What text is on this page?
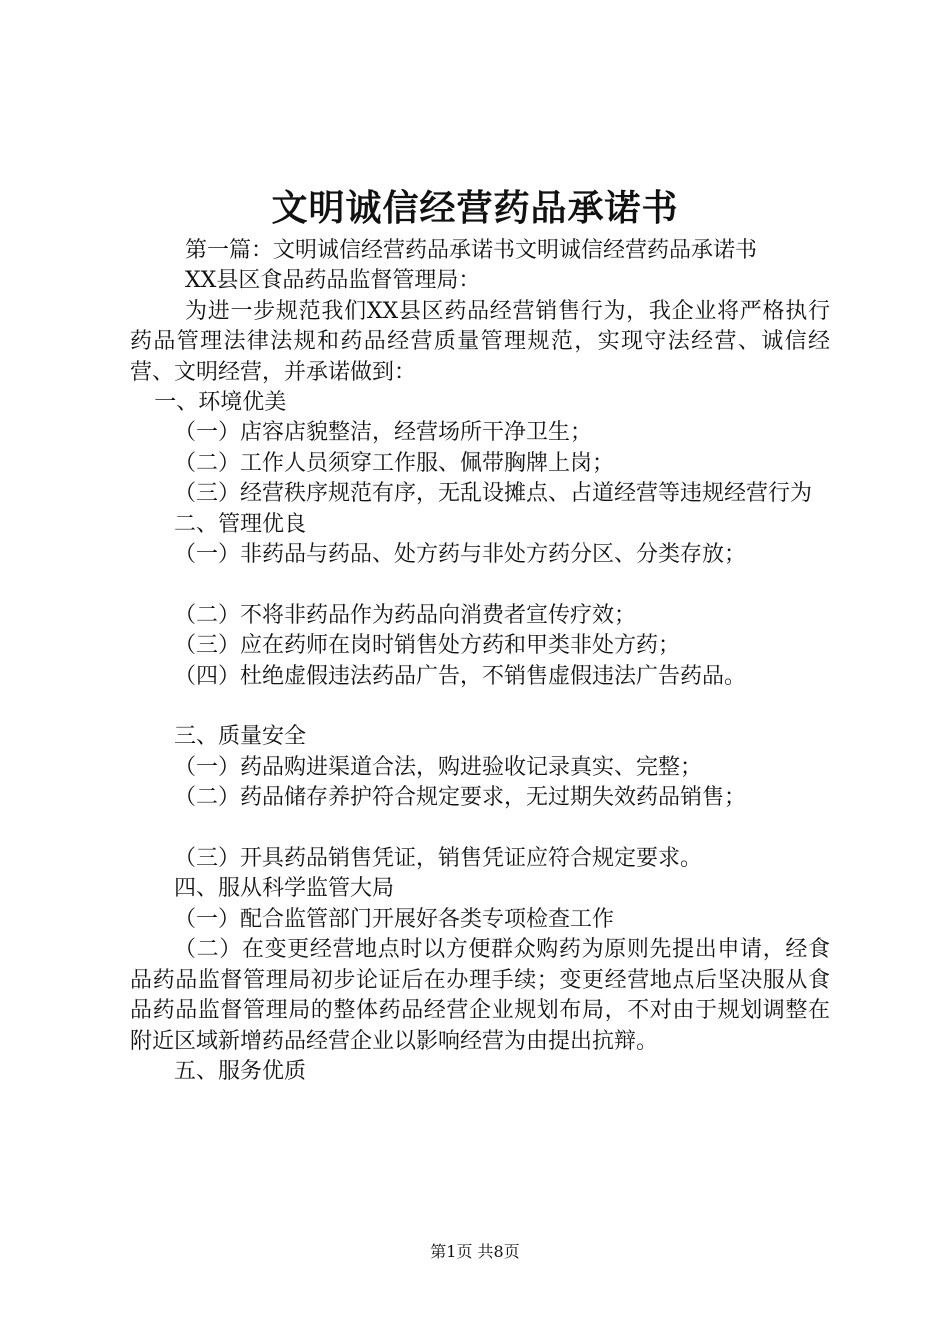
文明诚信经营药品承诺书

第一篇：文明诚信经营药品承诺书文明诚信经营药品承诺书

XX县区食品药品监督管理局：

为进一步规范我们XX县区药品经营销售行为，我企业将严格执行药品管理法律法规和药品经营质量管理规范，实现守法经营、诚信经营、文明经营，并承诺做到：

一、环境优美

（一）店容店貌整洁，经营场所干净卫生；

（二）工作人员须穿工作服、佩带胸牌上岗；

（三）经营秩序规范有序，无乱设摊点、占道经营等违规经营行为

二、管理优良

（一）非药品与药品、处方药与非处方药分区、分类存放；

（二）不将非药品作为药品向消费者宣传疗效；

（三）应在药师在岗时销售处方药和甲类非处方药；

（四）杜绝虚假违法药品广告，不销售虚假违法广告药品。

三、质量安全

（一）药品购进渠道合法，购进验收记录真实、完整；

（二）药品储存养护符合规定要求，无过期失效药品销售；

（三）开具药品销售凭证，销售凭证应符合规定要求。

四、服从科学监管大局

（一）配合监管部门开展好各类专项检查工作

（二）在变更经营地点时以方便群众购药为原则先提出申请，经食品药品监督管理局初步论证后在办理手续；变更经营地点后坚决服从食品药品监督管理局的整体药品经营企业规划布局，不对由于规划调整在附近区域新增药品经营企业以影响经营为由提出抗辩。

五、服务优质

第1页 共8页
